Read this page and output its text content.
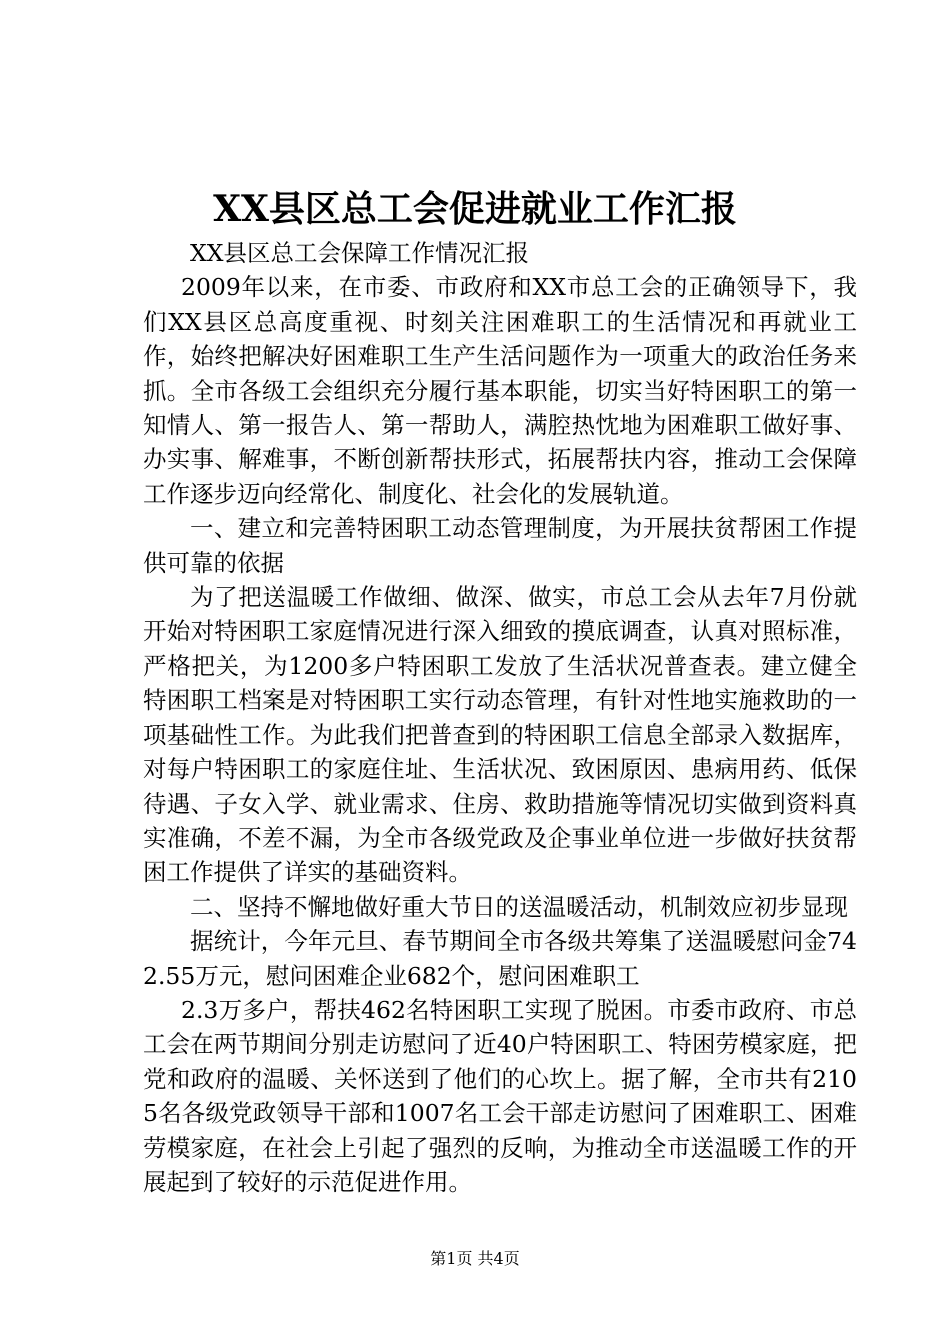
XX县区总工会促进就业工作汇报

XX县区总工会保障工作情况汇报

2009年以来，在市委、市政府和XX市总工会的正确领导下，我们XX县区总高度重视、时刻关注困难职工的生活情况和再就业工作，始终把解决好困难职工生产生活问题作为一项重大的政治任务来抓。全市各级工会组织充分履行基本职能，切实当好特困职工的第一知情人、第一报告人、第一帮助人，满腔热忱地为困难职工做好事、办实事、解难事，不断创新帮扶形式，拓展帮扶内容，推动工会保障工作逐步迈向经常化、制度化、社会化的发展轨道。

一、建立和完善特困职工动态管理制度，为开展扶贫帮困工作提供可靠的依据

为了把送温暖工作做细、做深、做实，市总工会从去年7月份就开始对特困职工家庭情况进行深入细致的摸底调查，认真对照标准，严格把关，为1200多户特困职工发放了生活状况普查表。建立健全特困职工档案是对特困职工实行动态管理，有针对性地实施救助的一项基础性工作。为此我们把普查到的特困职工信息全部录入数据库，对每户特困职工的家庭住址、生活状况、致困原因、患病用药、低保待遇、子女入学、就业需求、住房、救助措施等情况切实做到资料真实准确，不差不漏，为全市各级党政及企事业单位进一步做好扶贫帮困工作提供了详实的基础资料。

二、坚持不懈地做好重大节日的送温暖活动，机制效应初步显现

据统计，今年元旦、春节期间全市各级共筹集了送温暖慰问金742.55万元，慰问困难企业682个，慰问困难职工

2.3万多户，帮扶462名特困职工实现了脱困。市委市政府、市总工会在两节期间分别走访慰问了近40户特困职工、特困劳模家庭，把党和政府的温暖、关怀送到了他们的心坎上。据了解，全市共有2105名各级党政领导干部和1007名工会干部走访慰问了困难职工、困难劳模家庭，在社会上引起了强烈的反响，为推动全市送温暖工作的开展起到了较好的示范促进作用。

第1页 共4页
